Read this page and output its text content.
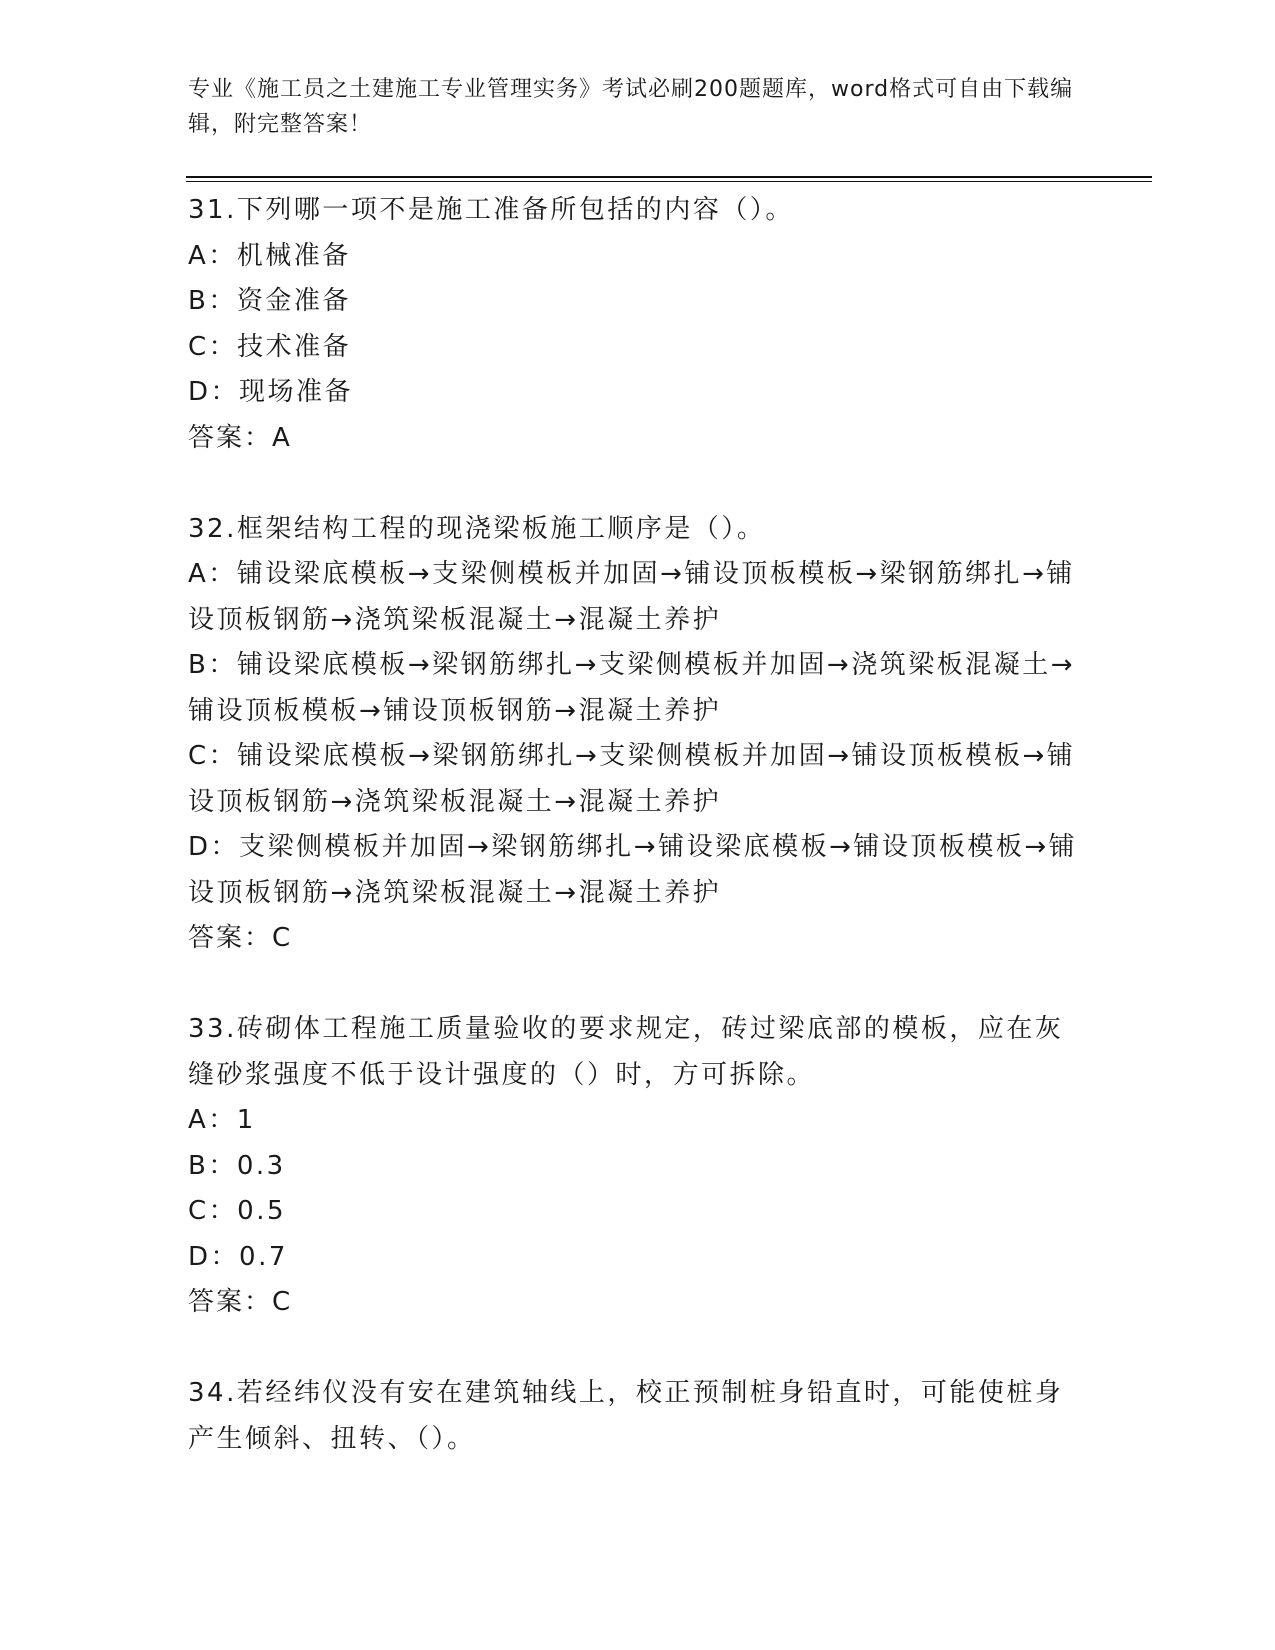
专业《施工员之土建施工专业管理实务》考试必刷200题题库，word格式可自由下载编辑，附完整答案！
31.下列哪一项不是施工准备所包括的内容（）。
A：机械准备
B：资金准备
C：技术准备
D：现场准备
答案：A
32.框架结构工程的现浇梁板施工顺序是（）。
A：铺设梁底模板→支梁侧模板并加固→铺设顶板模板→梁钢筋绑扎→铺设顶板钢筋→浇筑梁板混凝土→混凝土养护
B：铺设梁底模板→梁钢筋绑扎→支梁侧模板并加固→浇筑梁板混凝土→铺设顶板模板→铺设顶板钢筋→混凝土养护
C：铺设梁底模板→梁钢筋绑扎→支梁侧模板并加固→铺设顶板模板→铺设顶板钢筋→浇筑梁板混凝土→混凝土养护
D：支梁侧模板并加固→梁钢筋绑扎→铺设梁底模板→铺设顶板模板→铺设顶板钢筋→浇筑梁板混凝土→混凝土养护
答案：C
33.砖砌体工程施工质量验收的要求规定，砖过梁底部的模板，应在灰缝砂浆强度不低于设计强度的（）时，方可拆除。
A：1
B：0.3
C：0.5
D：0.7
答案：C
34.若经纬仪没有安在建筑轴线上，校正预制桩身铅直时，可能使桩身产生倾斜、扭转、（）。
